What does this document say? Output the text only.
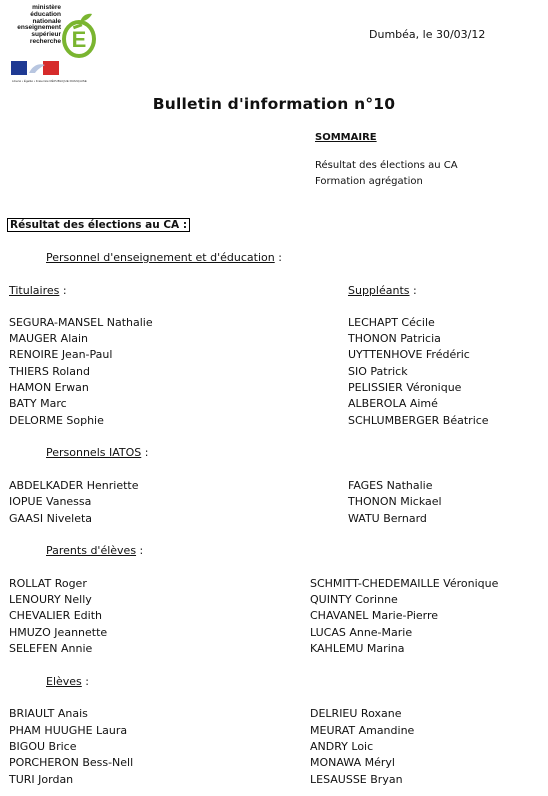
ministère
éducation
nationale
enseignement
supérieur
recherche E
Liberté • Égalité • Fraternité RÉPUBLIQUE FRANÇAISE
Dumbéa, le 30/03/12
Bulletin d'information n°10
SOMMAIRE
Résultat des élections au CA
Formation agrégation
Résultat des élections au CA :
Personnel d'enseignement et d'éducation :
Titulaires :	Suppléants :
SEGURA-MANSEL Nathalie
MAUGER Alain
RENOIRE Jean-Paul
THIERS Roland
HAMON Erwan
BATY Marc
DELORME Sophie
LECHAPT Cécile
THONON Patricia
UYTTENHOVE Frédéric
SIO Patrick
PELISSIER Véronique
ALBEROLA Aimé
SCHLUMBERGER Béatrice
Personnels IATOS :
ABDELKADER Henriette
IOPUE Vanessa
GAASI Niveleta
FAGES Nathalie
THONON Mickael
WATU Bernard
Parents d'élèves :
ROLLAT Roger
LENOURY Nelly
CHEVALIER Edith
HMUZO Jeannette
SELEFEN Annie
SCHMITT-CHEDEMAILLE Véronique
QUINTY Corinne
CHAVANEL Marie-Pierre
LUCAS Anne-Marie
KAHLEMU Marina
Elèves :
BRIAULT Anais
PHAM HUUGHE Laura
BIGOU Brice
PORCHERON Bess-Nell
TURI Jordan
DELRIEU Roxane
MEURAT Amandine
ANDRY Loic
MONAWA Méryl
LESAUSSE Bryan
